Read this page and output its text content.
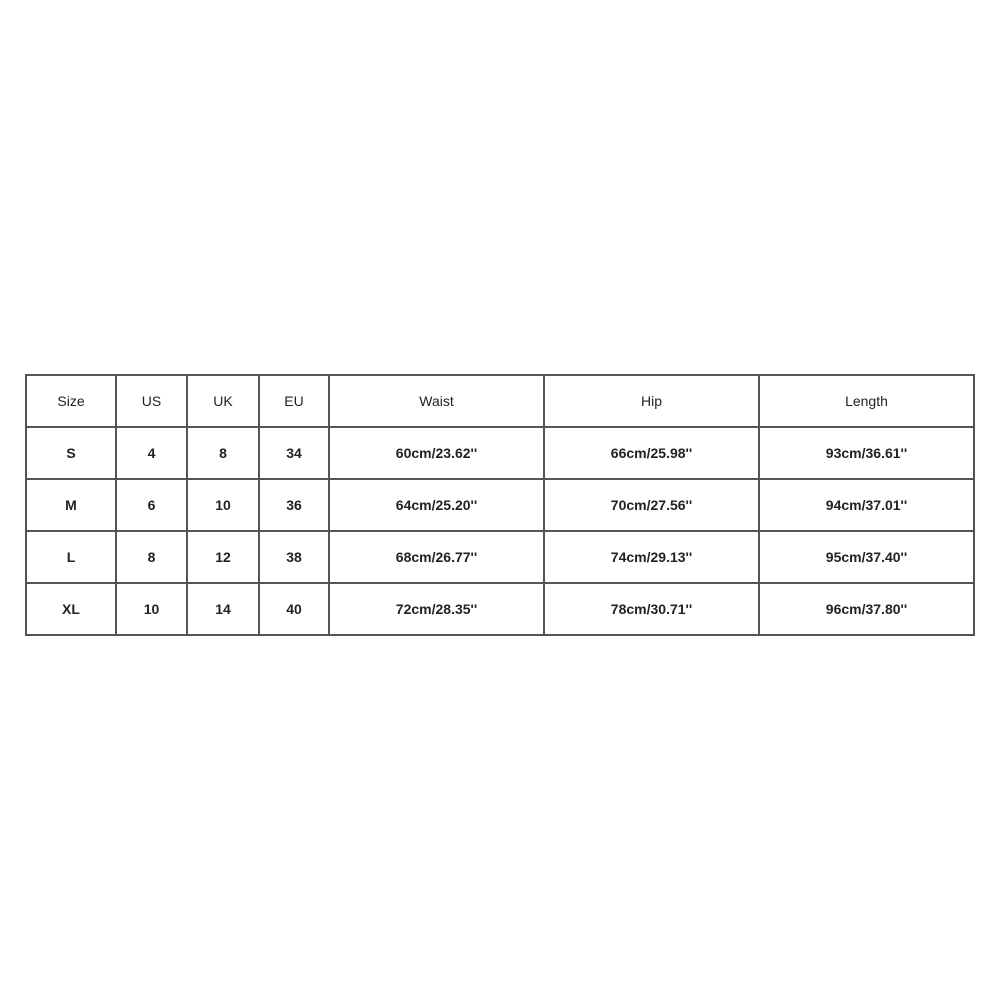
Size	US	UK	EU	Waist	Hip	Length
S	4	8	34	60cm/23.62''	66cm/25.98''	93cm/36.61''
M	6	10	36	64cm/25.20''	70cm/27.56''	94cm/37.01''
L	8	12	38	68cm/26.77''	74cm/29.13''	95cm/37.40''
XL	10	14	40	72cm/28.35''	78cm/30.71''	96cm/37.80''
